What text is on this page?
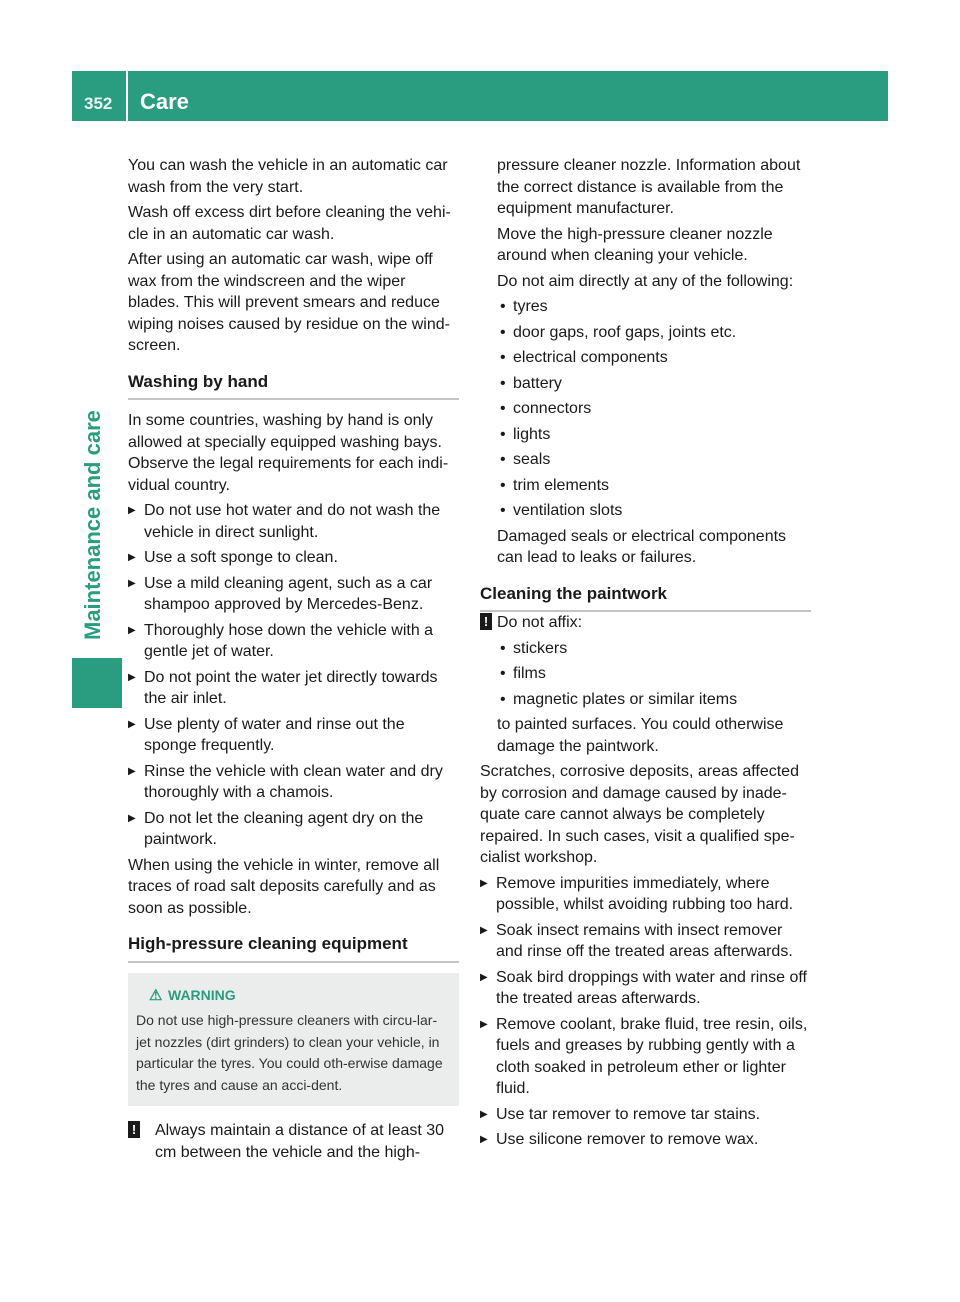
352 Care
Maintenance and care

You can wash the vehicle in an automatic car wash from the very start.

Wash off excess dirt before cleaning the vehi-cle in an automatic car wash.

After using an automatic car wash, wipe off wax from the windscreen and the wiper blades. This will prevent smears and reduce wiping noises caused by residue on the wind-screen.

Washing by hand

In some countries, washing by hand is only allowed at specially equipped washing bays. Observe the legal requirements for each indi-vidual country.

▶ Do not use hot water and do not wash the vehicle in direct sunlight.
▶ Use a soft sponge to clean.
▶ Use a mild cleaning agent, such as a car shampoo approved by Mercedes-Benz.
▶ Thoroughly hose down the vehicle with a gentle jet of water.
▶ Do not point the water jet directly towards the air inlet.
▶ Use plenty of water and rinse out the sponge frequently.
▶ Rinse the vehicle with clean water and dry thoroughly with a chamois.
▶ Do not let the cleaning agent dry on the paintwork.

When using the vehicle in winter, remove all traces of road salt deposits carefully and as soon as possible.

High-pressure cleaning equipment
⚠ WARNING

Do not use high-pressure cleaners with circu-lar-jet nozzles (dirt grinders) to clean your vehicle, in particular the tyres. You could oth-erwise damage the tyres and cause an acci-dent.

! Always maintain a distance of at least 30 cm between the vehicle and the high-

pressure cleaner nozzle. Information about the correct distance is available from the equipment manufacturer.

Move the high-pressure cleaner nozzle around when cleaning your vehicle.

Do not aim directly at any of the following:

• tyres
• door gaps, roof gaps, joints etc.
• electrical components
• battery
• connectors
• lights
• seals
• trim elements
• ventilation slots

Damaged seals or electrical components can lead to leaks or failures.

Cleaning the paintwork
! Do not affix:
• stickers
• films
• magnetic plates or similar items

to painted surfaces. You could otherwise damage the paintwork.

Scratches, corrosive deposits, areas affected by corrosion and damage caused by inade-quate care cannot always be completely repaired. In such cases, visit a qualified spe-cialist workshop.

▶ Remove impurities immediately, where possible, whilst avoiding rubbing too hard.
▶ Soak insect remains with insect remover and rinse off the treated areas afterwards.
▶ Soak bird droppings with water and rinse off the treated areas afterwards.
▶ Remove coolant, brake fluid, tree resin, oils, fuels and greases by rubbing gently with a cloth soaked in petroleum ether or lighter fluid.
▶ Use tar remover to remove tar stains.
▶ Use silicone remover to remove wax.
